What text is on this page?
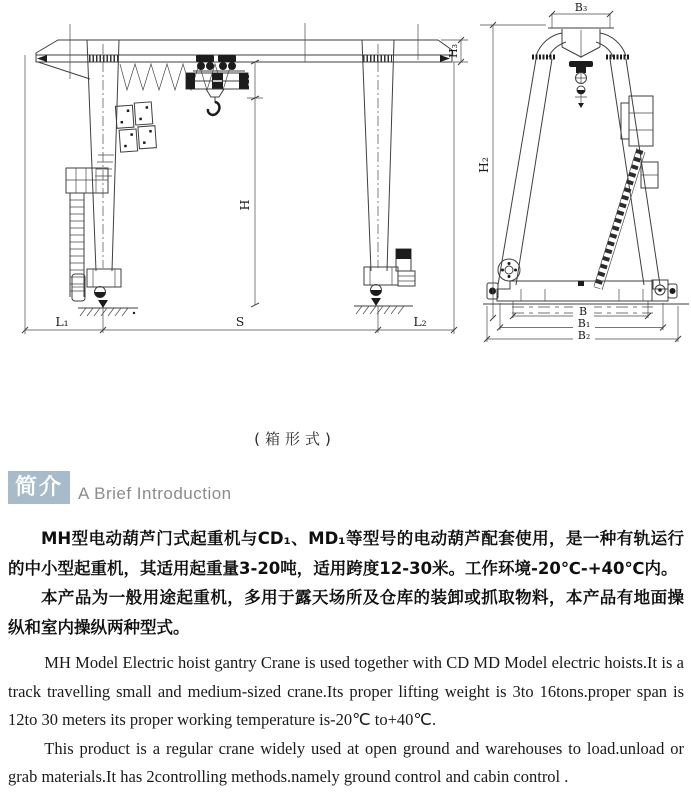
H₁
H
H₃
L₁	S	L₂
B₃
H₂
B
B₁
B₂
(箱形式)
简介 A Brief Introduction

MH型电动葫芦门式起重机与CD₁、MD₁等型号的电动葫芦配套使用，是一种有轨运行的中小型起重机，其适用起重量3-20吨，适用跨度12-30米。工作环境-20℃-+40℃内。

本产品为一般用途起重机，多用于露天场所及仓库的装卸或抓取物料，本产品有地面操纵和室内操纵两种型式。

MH Model Electric hoist gantry Crane is used together with CD MD Model electric hoists.It is a track travelling small and medium-sized crane.Its proper lifting weight is 3to 16tons.proper span is 12to 30 meters its proper working temperature is-20℃ to+40℃.

This product is a regular crane widely used at open ground and warehouses to load.unload or grab materials.It has 2controlling methods.namely ground control and cabin control .
